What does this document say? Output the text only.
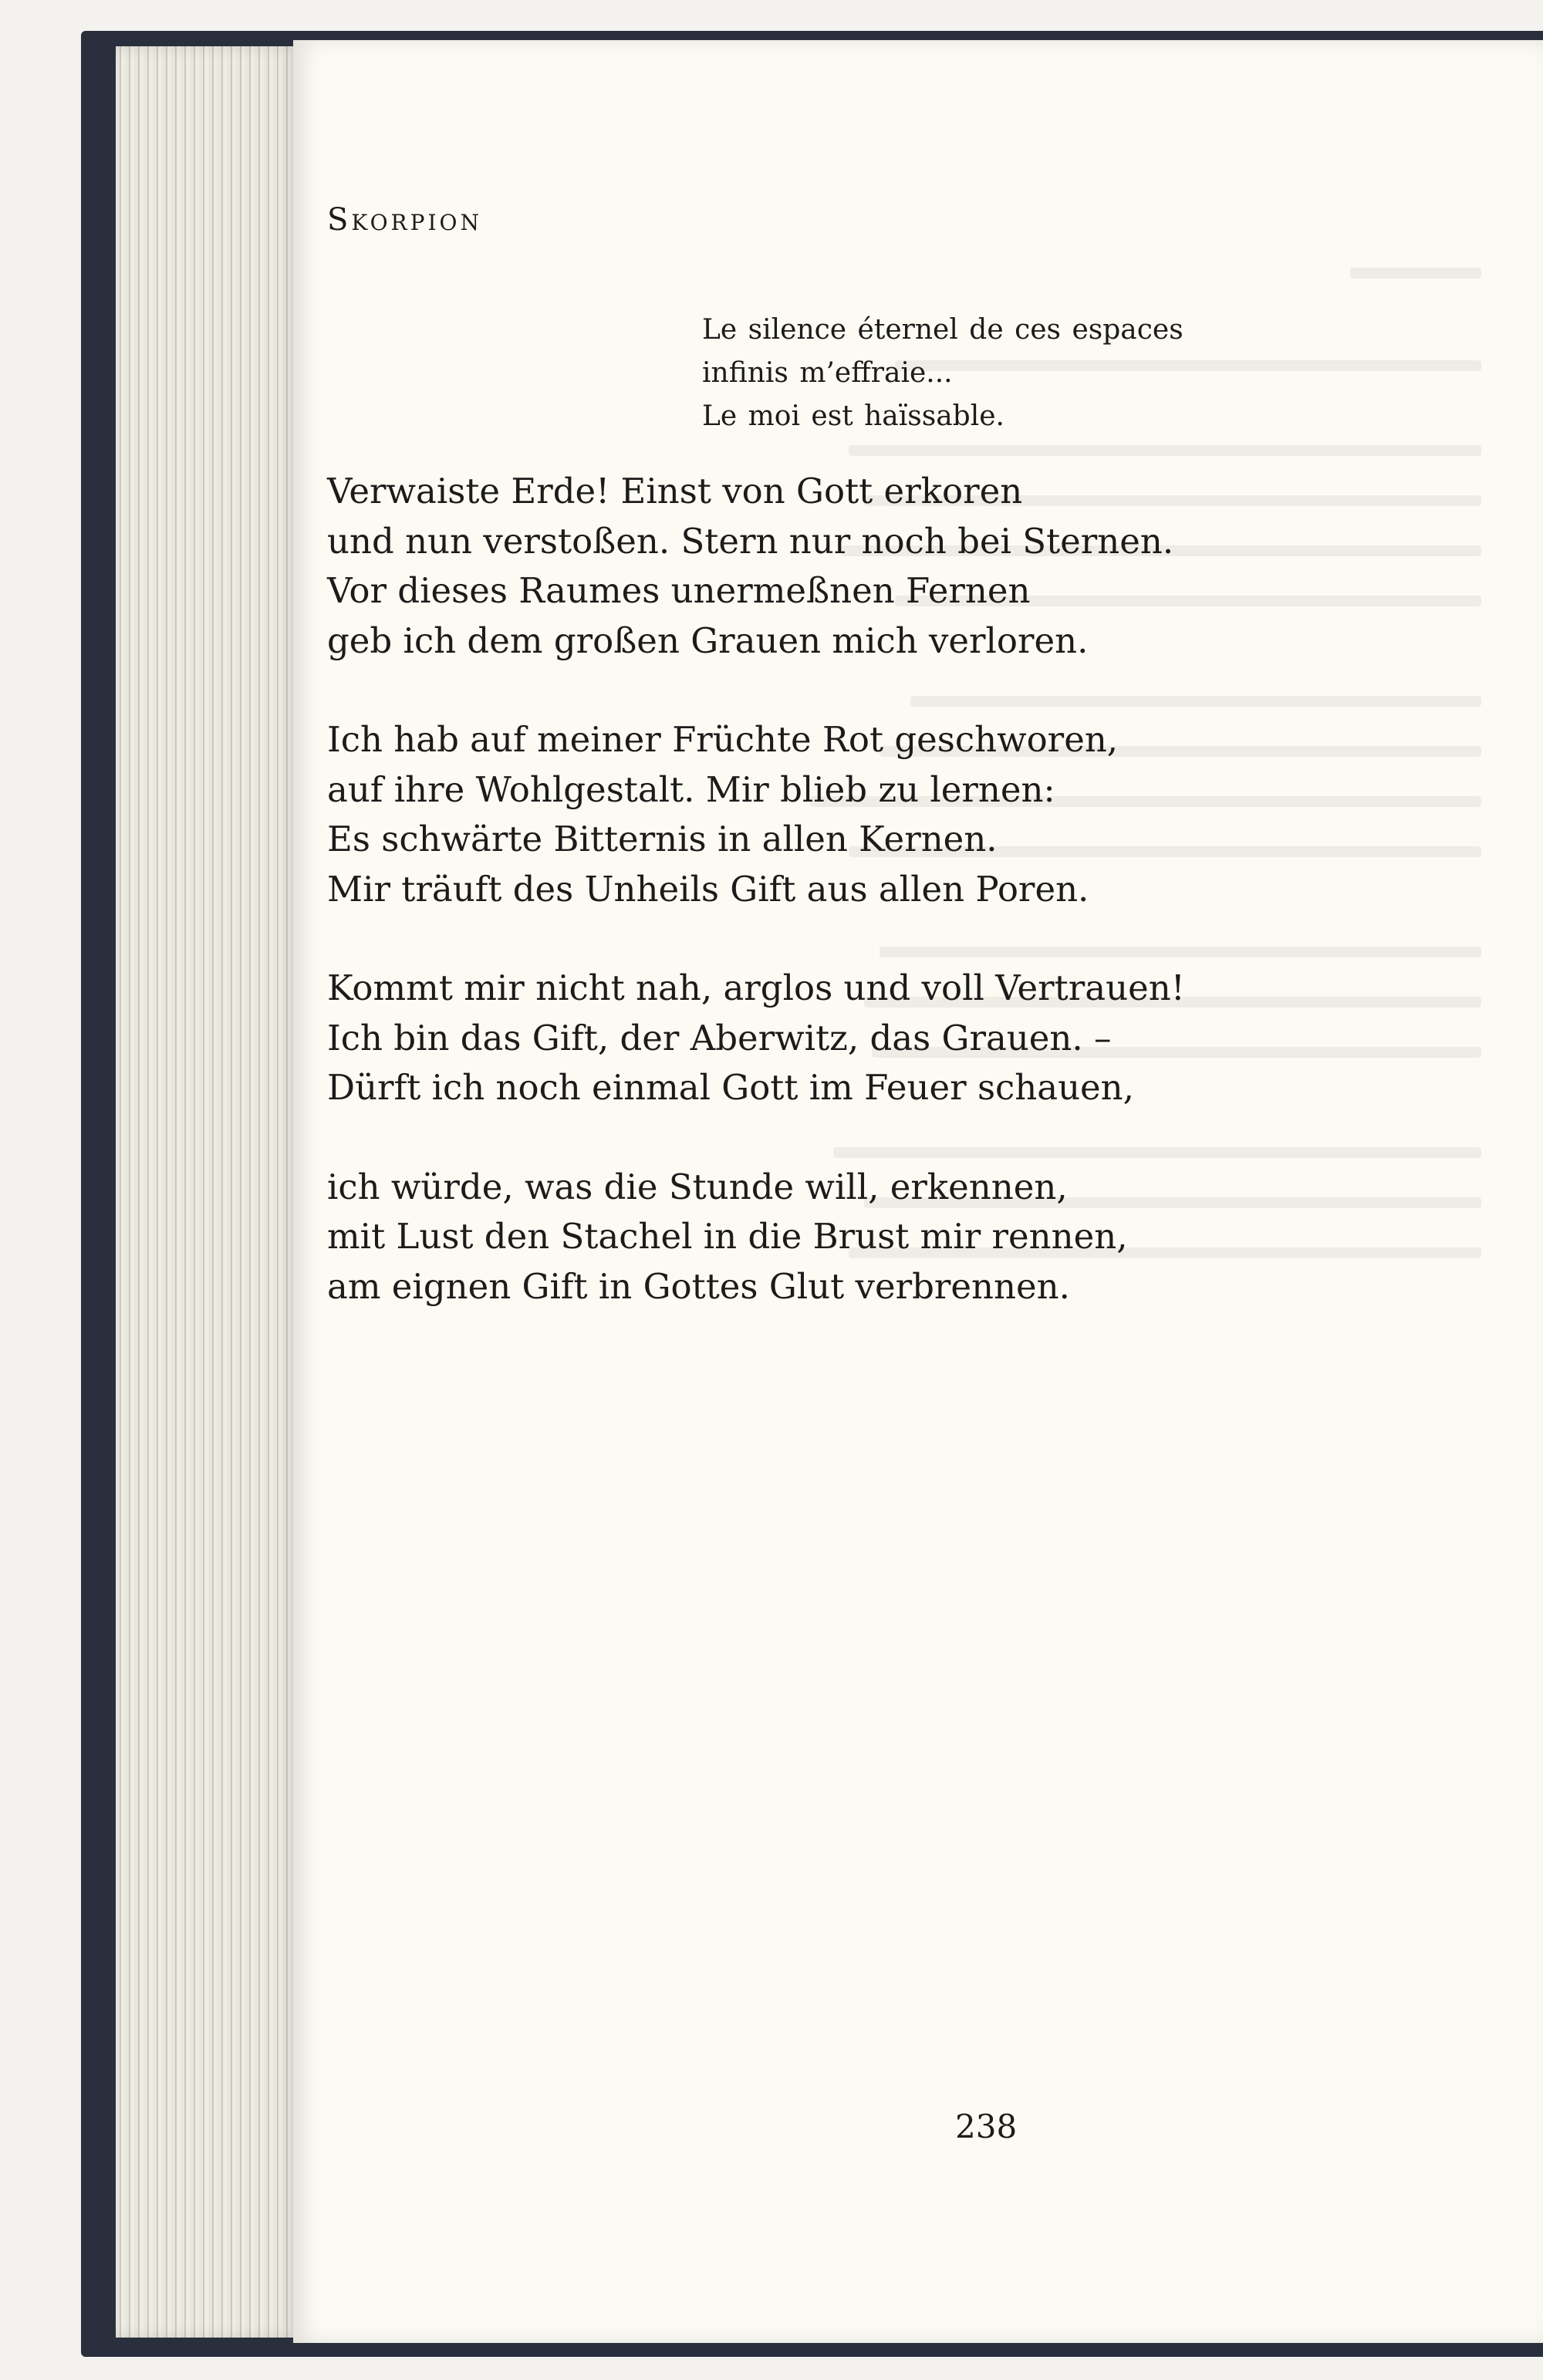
Skorpion
Le silence éternel de ces espaces
infinis m’effraie...
Le moi est haïssable.
Verwaiste Erde! Einst von Gott erkoren
und nun verstoßen. Stern nur noch bei Sternen.
Vor dieses Raumes unermeßnen Fernen
geb ich dem großen Grauen mich verloren.
Ich hab auf meiner Früchte Rot geschworen,
auf ihre Wohlgestalt. Mir blieb zu lernen:
Es schwärte Bitternis in allen Kernen.
Mir träuft des Unheils Gift aus allen Poren.
Kommt mir nicht nah, arglos und voll Vertrauen!
Ich bin das Gift, der Aberwitz, das Grauen. –
Dürft ich noch einmal Gott im Feuer schauen,
ich würde, was die Stunde will, erkennen,
mit Lust den Stachel in die Brust mir rennen,
am eignen Gift in Gottes Glut verbrennen.
238
